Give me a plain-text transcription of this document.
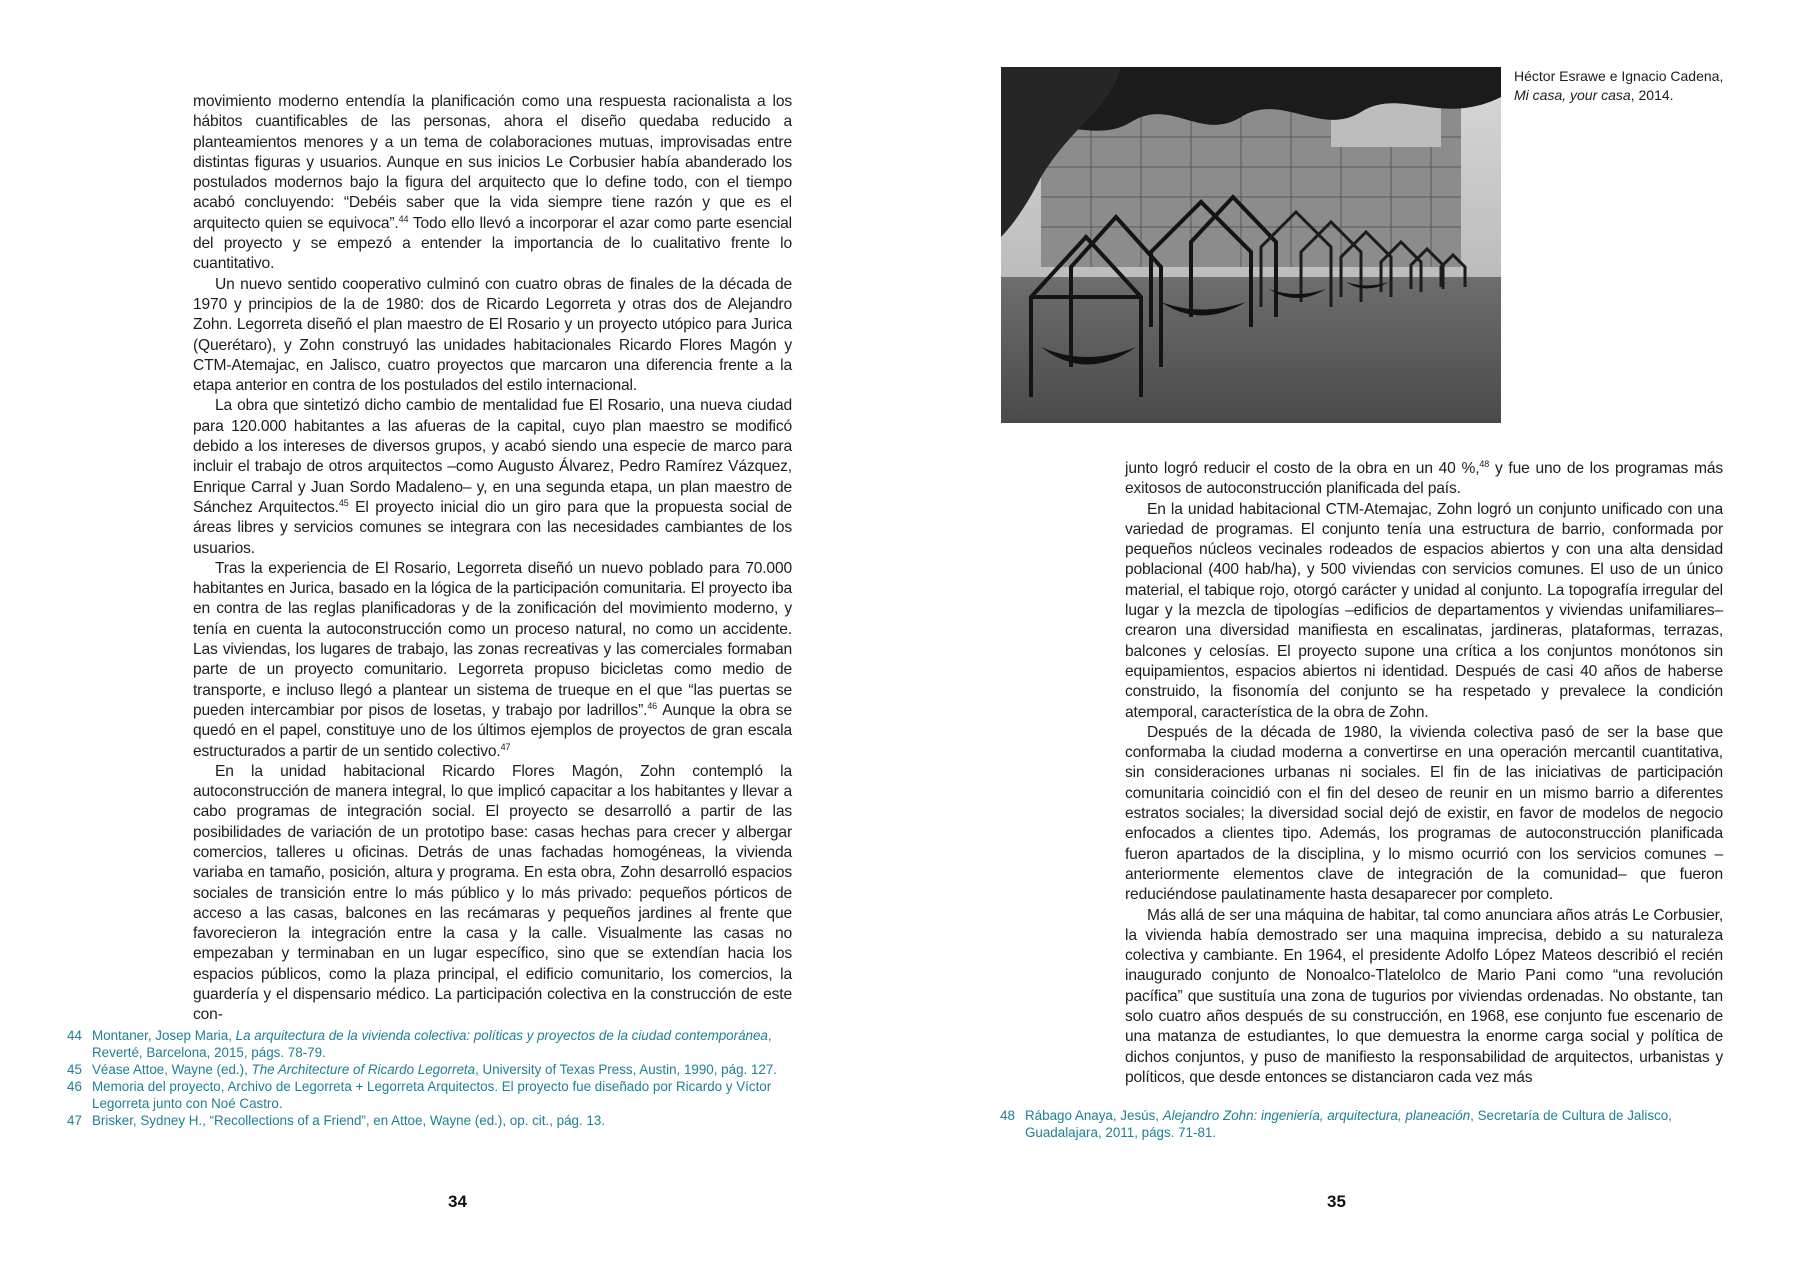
movimiento moderno entendía la planificación como una respuesta racionalista a los hábitos cuantificables de las personas, ahora el diseño quedaba reducido a planteamientos menores y a un tema de colaboraciones mutuas, improvisadas entre distintas figuras y usuarios. Aunque en sus inicios Le Corbusier había abanderado los postulados modernos bajo la figura del arquitecto que lo define todo, con el tiempo acabó concluyendo: “Debéis saber que la vida siempre tiene razón y que es el arquitecto quien se equivoca”.$^{44}$ Todo ello llevó a incorporar el azar como parte esencial del proyecto y se empezó a entender la importancia de lo cualitativo frente lo cuantitativo.

Un nuevo sentido cooperativo culminó con cuatro obras de finales de la década de 1970 y principios de la de 1980: dos de Ricardo Legorreta y otras dos de Alejandro Zohn. Legorreta diseñó el plan maestro de El Rosario y un proyecto utópico para Jurica (Querétaro), y Zohn construyó las unidades habitacionales Ricardo Flores Magón y CTM-Atemajac, en Jalisco, cuatro proyectos que marcaron una diferencia frente a la etapa anterior en contra de los postulados del estilo internacional.

La obra que sintetizó dicho cambio de mentalidad fue El Rosario, una nueva ciudad para 120.000 habitantes a las afueras de la capital, cuyo plan maestro se modificó debido a los intereses de diversos grupos, y acabó siendo una especie de marco para incluir el trabajo de otros arquitectos –como Augusto Álvarez, Pedro Ramírez Vázquez, Enrique Carral y Juan Sordo Madaleno– y, en una segunda etapa, un plan maestro de Sánchez Arquitectos.$^{45}$ El proyecto inicial dio un giro para que la propuesta social de áreas libres y servicios comunes se integrara con las necesidades cambiantes de los usuarios.

Tras la experiencia de El Rosario, Legorreta diseñó un nuevo poblado para 70.000 habitantes en Jurica, basado en la lógica de la participación comunitaria. El proyecto iba en contra de las reglas planificadoras y de la zonificación del movimiento moderno, y tenía en cuenta la autoconstrucción como un proceso natural, no como un accidente. Las viviendas, los lugares de trabajo, las zonas recreativas y las comerciales formaban parte de un proyecto comunitario. Legorreta propuso bicicletas como medio de transporte, e incluso llegó a plantear un sistema de trueque en el que “las puertas se pueden intercambiar por pisos de losetas, y trabajo por ladrillos”.$^{46}$ Aunque la obra se quedó en el papel, constituye uno de los últimos ejemplos de proyectos de gran escala estructurados a partir de un sentido colectivo.$^{47}$

En la unidad habitacional Ricardo Flores Magón, Zohn contempló la autoconstrucción de manera integral, lo que implicó capacitar a los habitantes y llevar a cabo programas de integración social. El proyecto se desarrolló a partir de las posibilidades de variación de un prototipo base: casas hechas para crecer y albergar comercios, talleres u oficinas. Detrás de unas fachadas homogéneas, la vivienda variaba en tamaño, posición, altura y programa. En esta obra, Zohn desarrolló espacios sociales de transición entre lo más público y lo más privado: pequeños pórticos de acceso a las casas, balcones en las recámaras y pequeños jardines al frente que favorecieron la integración entre la casa y la calle. Visualmente las casas no empezaban y terminaban en un lugar específico, sino que se extendían hacia los espacios públicos, como la plaza principal, el edificio comunitario, los comercios, la guardería y el dispensario médico. La participación colectiva en la construcción de este con-

44 Montaner, Josep Maria, La arquitectura de la vivienda colectiva: políticas y proyectos de la ciudad contemporánea, Reverté, Barcelona, 2015, págs. 78-79.

45 Véase Attoe, Wayne (ed.), The Architecture of Ricardo Legorreta, University of Texas Press, Austin, 1990, pág. 127.

46 Memoria del proyecto, Archivo de Legorreta + Legorreta Arquitectos. El proyecto fue diseñado por Ricardo y Víctor Legorreta junto con Noé Castro.

47 Brisker, Sydney H., “Recollections of a Friend”, en Attoe, Wayne (ed.), op. cit., pág. 13.

34
Héctor Esrawe e Ignacio Cadena,
Mi casa, your casa, 2014.

junto logró reducir el costo de la obra en un 40 %,$^{48}$ y fue uno de los programas más exitosos de autoconstrucción planificada del país.

En la unidad habitacional CTM-Atemajac, Zohn logró un conjunto unificado con una variedad de programas. El conjunto tenía una estructura de barrio, conformada por pequeños núcleos vecinales rodeados de espacios abiertos y con una alta densidad poblacional (400 hab/ha), y 500 viviendas con servicios comunes. El uso de un único material, el tabique rojo, otorgó carácter y unidad al conjunto. La topografía irregular del lugar y la mezcla de tipologías –edificios de departamentos y viviendas unifamiliares– crearon una diversidad manifiesta en escalinatas, jardineras, plataformas, terrazas, balcones y celosías. El proyecto supone una crítica a los conjuntos monótonos sin equipamientos, espacios abiertos ni identidad. Después de casi 40 años de haberse construido, la fisonomía del conjunto se ha respetado y prevalece la condición atemporal, característica de la obra de Zohn.

Después de la década de 1980, la vivienda colectiva pasó de ser la base que conformaba la ciudad moderna a convertirse en una operación mercantil cuantitativa, sin consideraciones urbanas ni sociales. El fin de las iniciativas de participación comunitaria coincidió con el fin del deseo de reunir en un mismo barrio a diferentes estratos sociales; la diversidad social dejó de existir, en favor de modelos de negocio enfocados a clientes tipo. Además, los programas de autoconstrucción planificada fueron apartados de la disciplina, y lo mismo ocurrió con los servicios comunes –anteriormente elementos clave de integración de la comunidad– que fueron reduciéndose paulatinamente hasta desaparecer por completo.

Más allá de ser una máquina de habitar, tal como anunciara años atrás Le Corbusier, la vivienda había demostrado ser una maquina imprecisa, debido a su naturaleza colectiva y cambiante. En 1964, el presidente Adolfo López Mateos describió el recién inaugurado conjunto de Nonoalco-Tlatelolco de Mario Pani como “una revolución pacífica” que sustituía una zona de tugurios por viviendas ordenadas. No obstante, tan solo cuatro años después de su construcción, en 1968, ese conjunto fue escenario de una matanza de estudiantes, lo que demuestra la enorme carga social y política de dichos conjuntos, y puso de manifiesto la responsabilidad de arquitectos, urbanistas y políticos, que desde entonces se distanciaron cada vez más

48 Rábago Anaya, Jesús, Alejandro Zohn: ingeniería, arquitectura, planeación, Secretaría de Cultura de Jalisco, Guadalajara, 2011, págs. 71-81.

35
